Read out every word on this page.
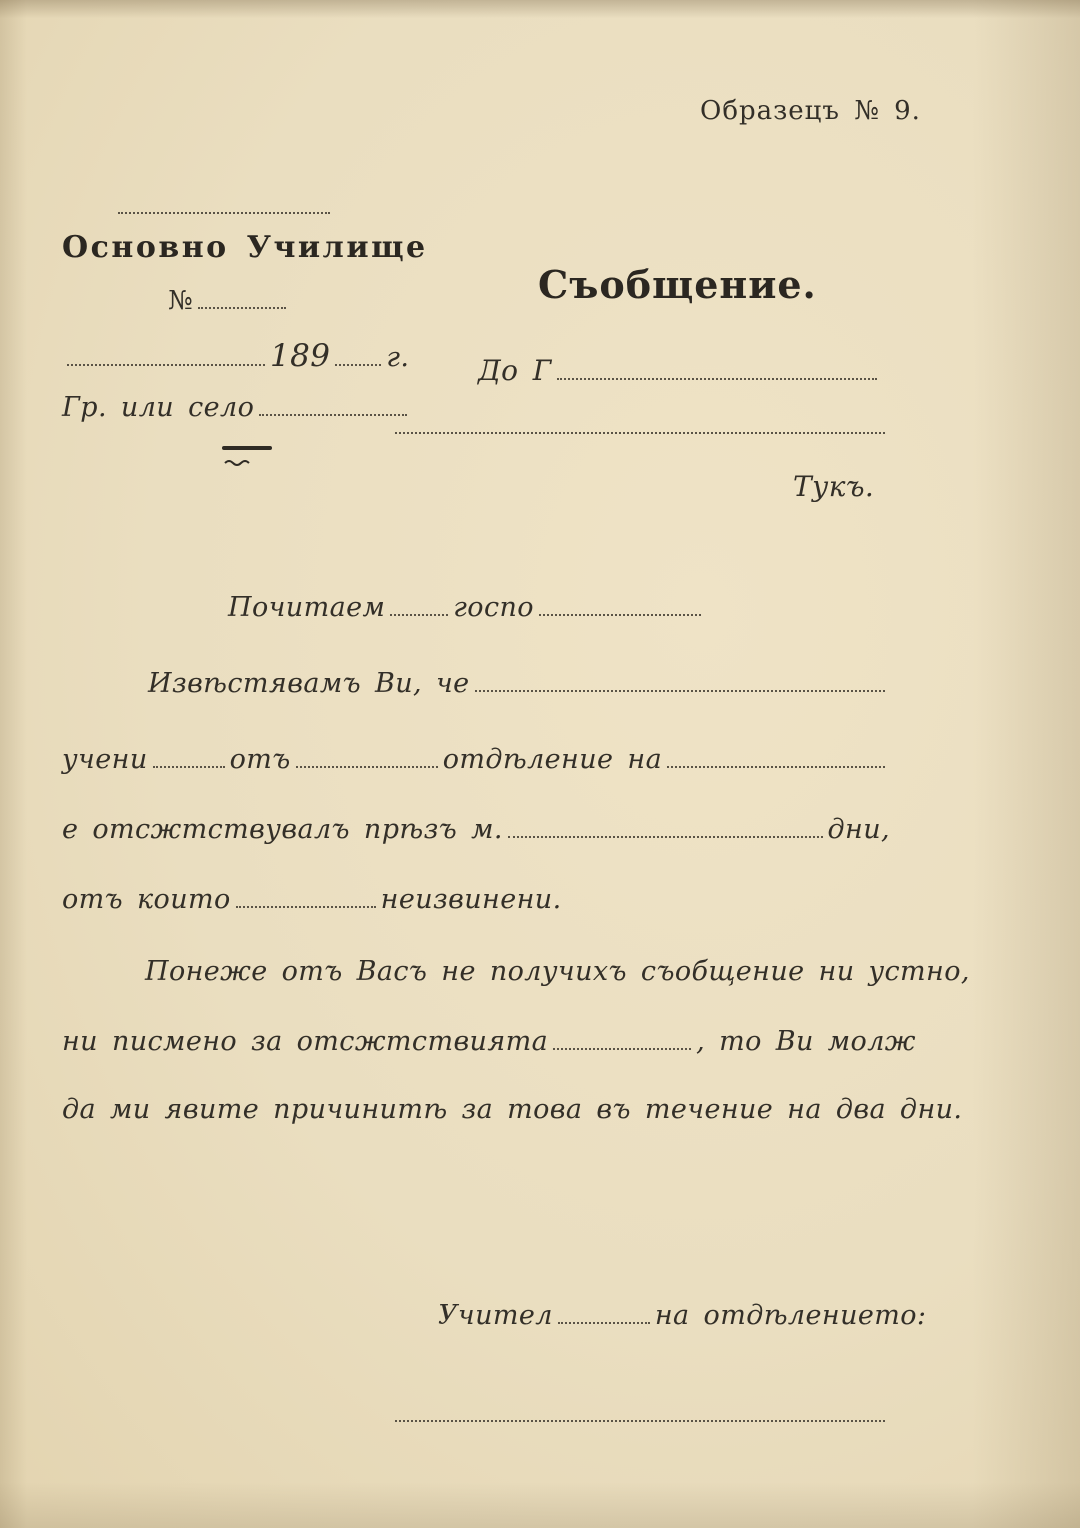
Образецъ № 9.
Основно Училище
№
189 г.
Гр. или село
Съобщение.
До Г
Тукъ.
Почитаем	госпо
Извѣстявамъ Ви, че
учени	отъ	отдѣление на
е отсжтствувалъ прѣзъ м.	дни,
отъ които	неизвинени.
Понеже отъ Васъ не получихъ съобщение ни устно,
ни писмено за отсжтствията	, то Ви молж
да ми явите причинитѣ за това въ течение на два дни.
Учител	на отдѣлението:
